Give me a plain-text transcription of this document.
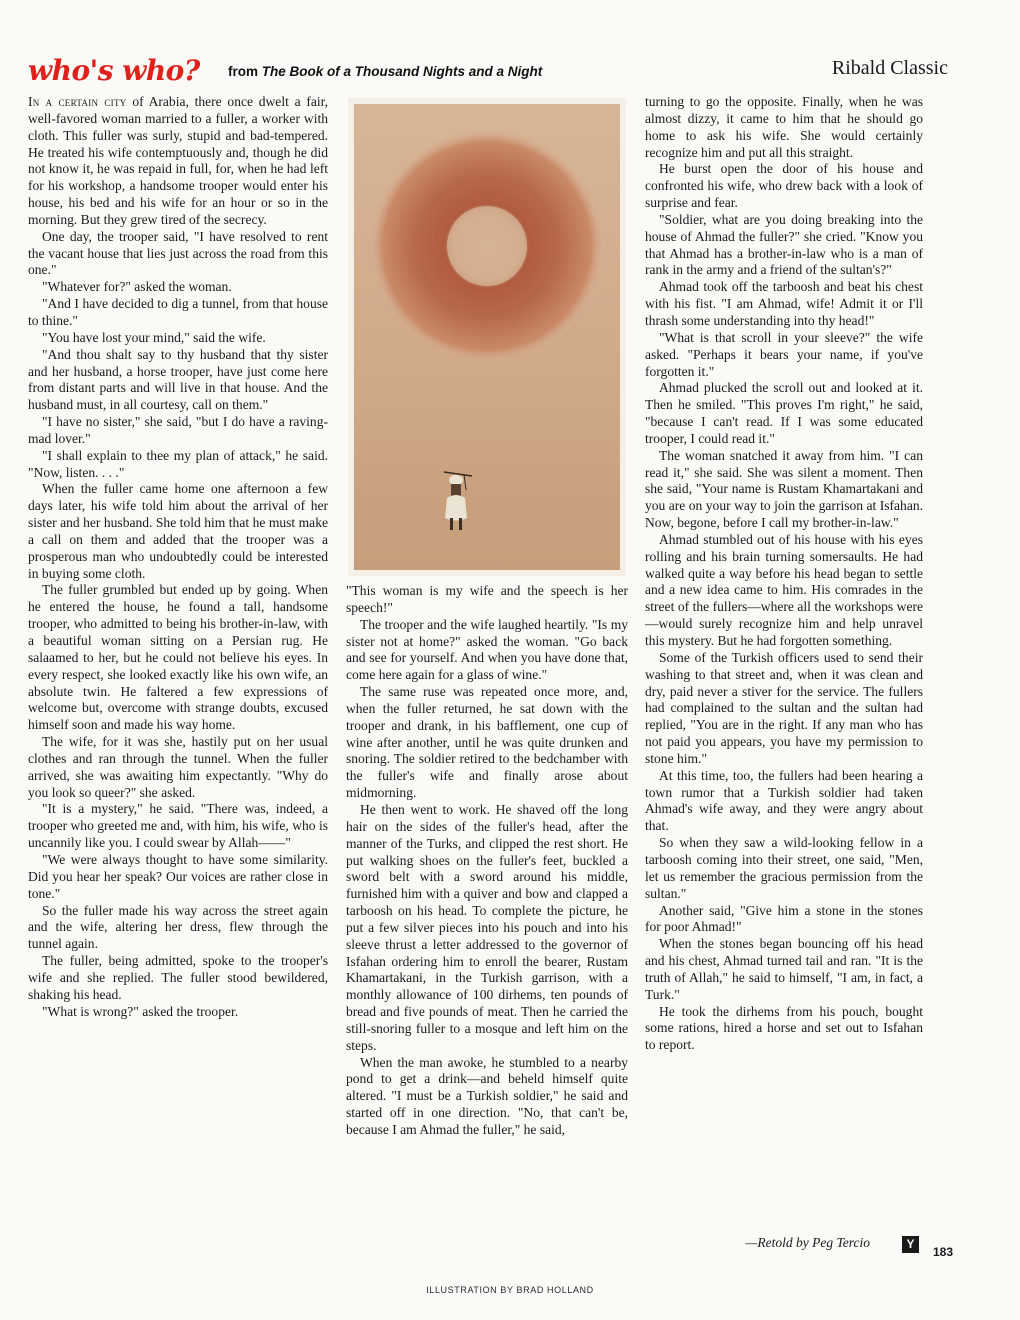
who's who? from The Book of a Thousand Nights and a Night	Ribald Classic

In a certain city of Arabia, there once dwelt a fair, well-favored woman married to a fuller, a worker with cloth. This fuller was surly, stupid and bad-tempered. He treated his wife contemptuously and, though he did not know it, he was repaid in full, for, when he had left for his workshop, a handsome trooper would enter his house, his bed and his wife for an hour or so in the morning. But they grew tired of the secrecy.

One day, the trooper said, "I have resolved to rent the vacant house that lies just across the road from this one."

"Whatever for?" asked the woman.

"And I have decided to dig a tunnel, from that house to thine."

"You have lost your mind," said the wife.

"And thou shalt say to thy husband that thy sister and her husband, a horse trooper, have just come here from distant parts and will live in that house. And the husband must, in all courtesy, call on them."

"I have no sister," she said, "but I do have a raving-mad lover."

"I shall explain to thee my plan of attack," he said. "Now, listen. . . ."

When the fuller came home one afternoon a few days later, his wife told him about the arrival of her sister and her husband. She told him that he must make a call on them and added that the trooper was a prosperous man who undoubtedly could be interested in buying some cloth.

The fuller grumbled but ended up by going. When he entered the house, he found a tall, handsome trooper, who admitted to being his brother-in-law, with a beautiful woman sitting on a Persian rug. He salaamed to her, but he could not believe his eyes. In every respect, she looked exactly like his own wife, an absolute twin. He faltered a few expressions of welcome but, overcome with strange doubts, excused himself soon and made his way home.

The wife, for it was she, hastily put on her usual clothes and ran through the tunnel. When the fuller arrived, she was awaiting him expectantly. "Why do you look so queer?" she asked.

"It is a mystery," he said. "There was, indeed, a trooper who greeted me and, with him, his wife, who is uncannily like you. I could swear by Allah——"

"We were always thought to have some similarity. Did you hear her speak? Our voices are rather close in tone."

So the fuller made his way across the street again and the wife, altering her dress, flew through the tunnel again.

The fuller, being admitted, spoke to the trooper's wife and she replied. The fuller stood bewildered, shaking his head.

"What is wrong?" asked the trooper.

"This woman is my wife and the speech is her speech!"

The trooper and the wife laughed heartily. "Is my sister not at home?" asked the woman. "Go back and see for yourself. And when you have done that, come here again for a glass of wine."

The same ruse was repeated once more, and, when the fuller returned, he sat down with the trooper and drank, in his bafflement, one cup of wine after another, until he was quite drunken and snoring. The soldier retired to the bedchamber with the fuller's wife and finally arose about midmorning.

He then went to work. He shaved off the long hair on the sides of the fuller's head, after the manner of the Turks, and clipped the rest short. He put walking shoes on the fuller's feet, buckled a sword belt with a sword around his middle, furnished him with a quiver and bow and clapped a tarboosh on his head. To complete the picture, he put a few silver pieces into his pouch and into his sleeve thrust a letter addressed to the governor of Isfahan ordering him to enroll the bearer, Rustam Khamartakani, in the Turkish garrison, with a monthly allowance of 100 dirhems, ten pounds of bread and five pounds of meat. Then he carried the still-snoring fuller to a mosque and left him on the steps.

When the man awoke, he stumbled to a nearby pond to get a drink—and beheld himself quite altered. "I must be a Turkish soldier," he said and started off in one direction. "No, that can't be, because I am Ahmad the fuller," he said,

turning to go the opposite. Finally, when he was almost dizzy, it came to him that he should go home to ask his wife. She would certainly recognize him and put all this straight.

He burst open the door of his house and confronted his wife, who drew back with a look of surprise and fear.

"Soldier, what are you doing breaking into the house of Ahmad the fuller?" she cried. "Know you that Ahmad has a brother-in-law who is a man of rank in the army and a friend of the sultan's?"

Ahmad took off the tarboosh and beat his chest with his fist. "I am Ahmad, wife! Admit it or I'll thrash some understanding into thy head!"

"What is that scroll in your sleeve?" the wife asked. "Perhaps it bears your name, if you've forgotten it."

Ahmad plucked the scroll out and looked at it. Then he smiled. "This proves I'm right," he said, "because I can't read. If I was some educated trooper, I could read it."

The woman snatched it away from him. "I can read it," she said. She was silent a moment. Then she said, "Your name is Rustam Khamartakani and you are on your way to join the garrison at Isfahan. Now, begone, before I call my brother-in-law."

Ahmad stumbled out of his house with his eyes rolling and his brain turning somersaults. He had walked quite a way before his head began to settle and a new idea came to him. His comrades in the street of the fullers—where all the workshops were—would surely recognize him and help unravel this mystery. But he had forgotten something.

Some of the Turkish officers used to send their washing to that street and, when it was clean and dry, paid never a stiver for the service. The fullers had complained to the sultan and the sultan had replied, "You are in the right. If any man who has not paid you appears, you have my permission to stone him."

At this time, too, the fullers had been hearing a town rumor that a Turkish soldier had taken Ahmad's wife away, and they were angry about that.

So when they saw a wild-looking fellow in a tarboosh coming into their street, one said, "Men, let us remember the gracious permission from the sultan."

Another said, "Give him a stone in the stones for poor Ahmad!"

When the stones began bouncing off his head and his chest, Ahmad turned tail and ran. "It is the truth of Allah," he said to himself, "I am, in fact, a Turk."

He took the dirhems from his pouch, bought some rations, hired a horse and set out to Isfahan to report.

—Retold by Peg Tercio	Y
183
ILLUSTRATION BY BRAD HOLLAND
